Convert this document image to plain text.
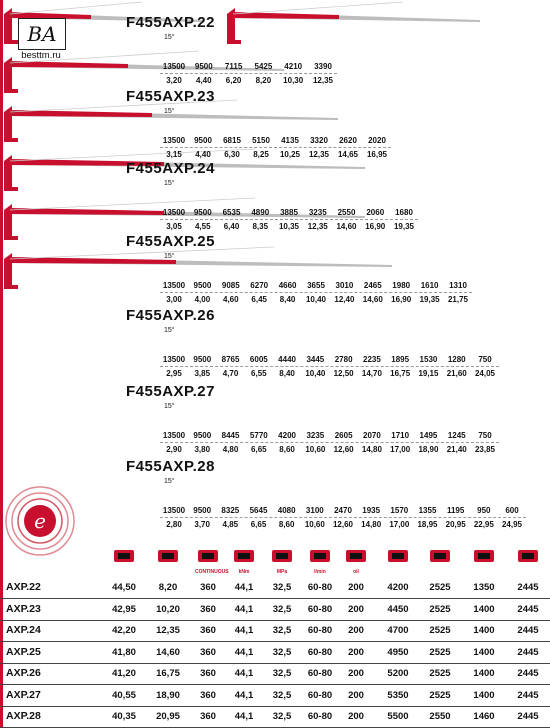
BA
besttm.ru
F455AXP.22
15°
F455AXP.23
15°
F455AXP.24
15°
F455AXP.25
15°
F455AXP.26
15°
F455AXP.27
15°
F455AXP.28
15°
e
CONTINUOUS	kNm	MPa	l/min	oil
AXP.22	44,50 8,20 360 44,1 32,5 60-80 200 4200 2525 1350 2445
AXP.23	42,95 10,20 360 44,1 32,5 60-80 200 4450 2525 1400 2445
AXP.24	42,20 12,35 360 44,1 32,5 60-80 200 4700 2525 1400 2445
AXP.25	41,80 14,60 360 44,1 32,5 60-80 200 4950 2525 1400 2445
AXP.26	41,20 16,75 360 44,1 32,5 60-80 200 5200 2525 1400 2445
AXP.27	40,55 18,90 360 44,1 32,5 60-80 200 5350 2525 1400 2445
AXP.28	40,35 20,95 360 44,1 32,5 60-80 200 5500 2550 1460 2445
13500 9500 7115 5425 4210 3390
3,20 4,40 6,20 8,20 10,30 12,35
13500 9500 6815 5150 4135 3320 2620 2020
3,15 4,40 6,30 8,25 10,25 12,35 14,65 16,95
13500 9500 6535 4890 3885 3235 2550 2060 1680
3,05 4,55 6,40 8,35 10,35 12,35 14,60 16,90 19,35
13500 9500 9085 6270 4660 3655 3010 2465 1980 1610 1310
3,00 4,00 4,60 6,45 8,40 10,40 12,40 14,60 16,90 19,35 21,75
13500 9500 8765 6005 4440 3445 2780 2235 1895 1530 1280 750
2,95 3,85 4,70 6,55 8,40 10,40 12,50 14,70 16,75 19,15 21,60 24,05
13500 9500 8445 5770 4200 3235 2605 2070 1710 1495 1245 750
2,90 3,80 4,80 6,65 8,60 10,60 12,60 14,80 17,00 18,90 21,40 23,85
13500 9500 8325 5645 4080 3100 2470 1935 1570 1355 1195 950 600
2,80 3,70 4,85 6,65 8,60 10,60 12,60 14,80 17,00 18,95 20,95 22,95 24,95
